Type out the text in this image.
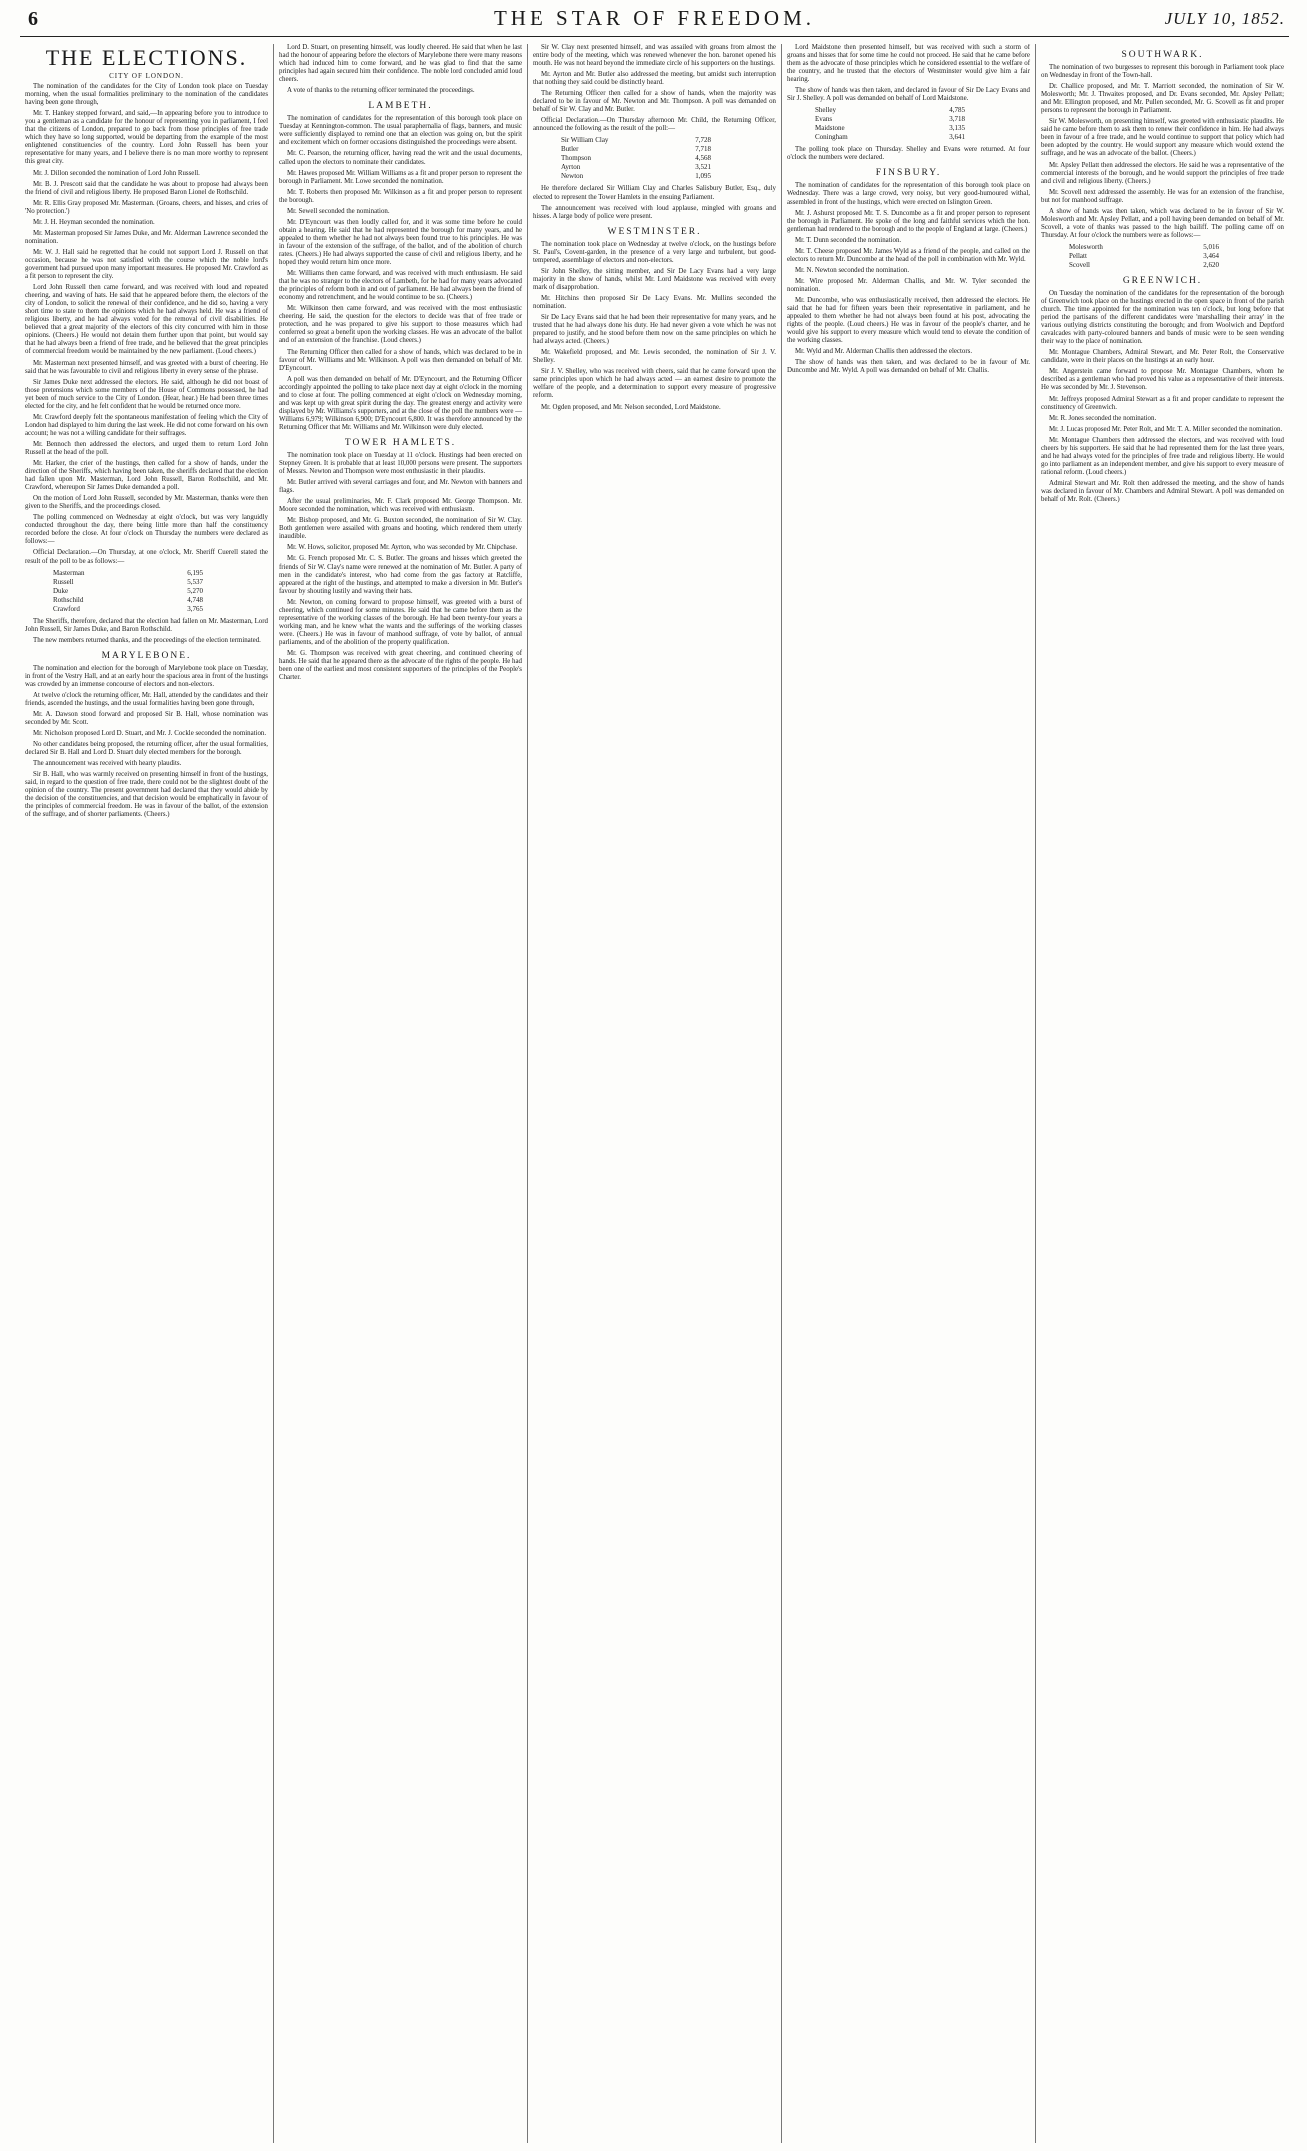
6	THE STAR OF FREEDOM.	JULY 10, 1852.
THE ELECTIONS.
CITY OF LONDON.

The nomination of the candidates for the City of London took place on Tuesday morning, when the usual formalities preliminary to the nomination of the candidates having been gone through,

Mr. T. Hankey stepped forward, and said,—In appearing before you to introduce to you a gentleman as a candidate for the honour of representing you in parliament, I feel that the citizens of London, prepared to go back from those principles of free trade which they have so long supported, would be departing from the example of the most enlightened constituencies of the country. Lord John Russell has been your representative for many years, and I believe there is no man more worthy to represent this great city.

Mr. J. Dillon seconded the nomination of Lord John Russell.

Mr. B. J. Prescott said that the candidate he was about to propose had always been the friend of civil and religious liberty. He proposed Baron Lionel de Rothschild.

Mr. R. Ellis Gray proposed Mr. Masterman. (Groans, cheers, and hisses, and cries of 'No protection.')

Mr. J. H. Heyman seconded the nomination.

Mr. Masterman proposed Sir James Duke, and Mr. Alderman Lawrence seconded the nomination.

Mr. W. J. Hall said he regretted that he could not support Lord J. Russell on that occasion, because he was not satisfied with the course which the noble lord's government had pursued upon many important measures. He proposed Mr. Crawford as a fit person to represent the city.

Lord John Russell then came forward, and was received with loud and repeated cheering, and waving of hats. He said that he appeared before them, the electors of the city of London, to solicit the renewal of their confidence, and he did so, having a very short time to state to them the opinions which he had always held. He was a friend of religious liberty, and he had always voted for the removal of civil disabilities. He believed that a great majority of the electors of this city concurred with him in those opinions. (Cheers.) He would not detain them further upon that point, but would say that he had always been a friend of free trade, and he believed that the great principles of commercial freedom would be maintained by the new parliament. (Loud cheers.)

Mr. Masterman next presented himself, and was greeted with a burst of cheering. He said that he was favourable to civil and religious liberty in every sense of the phrase.

Sir James Duke next addressed the electors. He said, although he did not boast of those pretensions which some members of the House of Commons possessed, he had yet been of much service to the City of London. (Hear, hear.) He had been three times elected for the city, and he felt confident that he would be returned once more.

Mr. Crawford deeply felt the spontaneous manifestation of feeling which the City of London had displayed to him during the last week. He did not come forward on his own account; he was not a willing candidate for their suffrages.

Mr. Bennoch then addressed the electors, and urged them to return Lord John Russell at the head of the poll.

Mr. Harker, the crier of the hustings, then called for a show of hands, under the direction of the Sheriffs, which having been taken, the sheriffs declared that the election had fallen upon Mr. Masterman, Lord John Russell, Baron Rothschild, and Mr. Crawford, whereupon Sir James Duke demanded a poll.

On the motion of Lord John Russell, seconded by Mr. Masterman, thanks were then given to the Sheriffs, and the proceedings closed.

The polling commenced on Wednesday at eight o'clock, but was very languidly conducted throughout the day, there being little more than half the constituency recorded before the close. At four o'clock on Thursday the numbers were declared as follows:—

Official Declaration.—On Thursday, at one o'clock, Mr. Sheriff Cuerell stated the result of the poll to be as follows:—

Masterman	6,195
Russell	5,537
Duke	5,270
Rothschild	4,748
Crawford	3,765

The Sheriffs, therefore, declared that the election had fallen on Mr. Masterman, Lord John Russell, Sir James Duke, and Baron Rothschild.

The new members returned thanks, and the proceedings of the election terminated.

MARYLEBONE.

The nomination and election for the borough of Marylebone took place on Tuesday, in front of the Vestry Hall, and at an early hour the spacious area in front of the hustings was crowded by an immense concourse of electors and non-electors.

At twelve o'clock the returning officer, Mr. Hall, attended by the candidates and their friends, ascended the hustings, and the usual formalities having been gone through,

Mr. A. Dawson stood forward and proposed Sir B. Hall, whose nomination was seconded by Mr. Scott.

Mr. Nicholson proposed Lord D. Stuart, and Mr. J. Cockle seconded the nomination.

No other candidates being proposed, the returning officer, after the usual formalities, declared Sir B. Hall and Lord D. Stuart duly elected members for the borough.

The announcement was received with hearty plaudits.

Sir B. Hall, who was warmly received on presenting himself in front of the hustings, said, in regard to the question of free trade, there could not be the slightest doubt of the opinion of the country. The present government had declared that they would abide by the decision of the constituencies, and that decision would be emphatically in favour of the principles of commercial freedom. He was in favour of the ballot, of the extension of the suffrage, and of shorter parliaments. (Cheers.)

Lord D. Stuart, on presenting himself, was loudly cheered. He said that when he last had the honour of appearing before the electors of Marylebone there were many reasons which had induced him to come forward, and he was glad to find that the same principles had again secured him their confidence. The noble lord concluded amid loud cheers.

A vote of thanks to the returning officer terminated the proceedings.

LAMBETH.

The nomination of candidates for the representation of this borough took place on Tuesday at Kennington-common. The usual paraphernalia of flags, banners, and music were sufficiently displayed to remind one that an election was going on, but the spirit and excitement which on former occasions distinguished the proceedings were absent.

Mr. C. Pearson, the returning officer, having read the writ and the usual documents, called upon the electors to nominate their candidates.

Mr. Hawes proposed Mr. William Williams as a fit and proper person to represent the borough in Parliament. Mr. Lowe seconded the nomination.

Mr. T. Roberts then proposed Mr. Wilkinson as a fit and proper person to represent the borough.

Mr. Sewell seconded the nomination.

Mr. D'Eyncourt was then loudly called for, and it was some time before he could obtain a hearing. He said that he had represented the borough for many years, and he appealed to them whether he had not always been found true to his principles. He was in favour of the extension of the suffrage, of the ballot, and of the abolition of church rates. (Cheers.) He had always supported the cause of civil and religious liberty, and he hoped they would return him once more.

Mr. Williams then came forward, and was received with much enthusiasm. He said that he was no stranger to the electors of Lambeth, for he had for many years advocated the principles of reform both in and out of parliament. He had always been the friend of economy and retrenchment, and he would continue to be so. (Cheers.)

Mr. Wilkinson then came forward, and was received with the most enthusiastic cheering. He said, the question for the electors to decide was that of free trade or protection, and he was prepared to give his support to those measures which had conferred so great a benefit upon the working classes. He was an advocate of the ballot and of an extension of the franchise. (Loud cheers.)

The Returning Officer then called for a show of hands, which was declared to be in favour of Mr. Williams and Mr. Wilkinson. A poll was then demanded on behalf of Mr. D'Eyncourt.

A poll was then demanded on behalf of Mr. D'Eyncourt, and the Returning Officer accordingly appointed the polling to take place next day at eight o'clock in the morning and to close at four. The polling commenced at eight o'clock on Wednesday morning, and was kept up with great spirit during the day. The greatest energy and activity were displayed by Mr. Williams's supporters, and at the close of the poll the numbers were — Williams 6,979; Wilkinson 6,900; D'Eyncourt 6,800. It was therefore announced by the Returning Officer that Mr. Williams and Mr. Wilkinson were duly elected.

TOWER HAMLETS.

The nomination took place on Tuesday at 11 o'clock. Hustings had been erected on Stepney Green. It is probable that at least 10,000 persons were present. The supporters of Messrs. Newton and Thompson were most enthusiastic in their plaudits.

Mr. Butler arrived with several carriages and four, and Mr. Newton with banners and flags.

After the usual preliminaries, Mr. F. Clark proposed Mr. George Thompson. Mr. Moore seconded the nomination, which was received with enthusiasm.

Mr. Bishop proposed, and Mr. G. Buxton seconded, the nomination of Sir W. Clay. Both gentlemen were assailed with groans and hooting, which rendered them utterly inaudible.

Mr. W. Hows, solicitor, proposed Mr. Ayrton, who was seconded by Mr. Chipchase.

Mr. G. French proposed Mr. C. S. Butler. The groans and hisses which greeted the friends of Sir W. Clay's name were renewed at the nomination of Mr. Butler. A party of men in the candidate's interest, who had come from the gas factory at Ratcliffe, appeared at the right of the hustings, and attempted to make a diversion in Mr. Butler's favour by shouting lustily and waving their hats.

Mr. Newton, on coming forward to propose himself, was greeted with a burst of cheering, which continued for some minutes. He said that he came before them as the representative of the working classes of the borough. He had been twenty-four years a working man, and he knew what the wants and the sufferings of the working classes were. (Cheers.) He was in favour of manhood suffrage, of vote by ballot, of annual parliaments, and of the abolition of the property qualification.

Mr. G. Thompson was received with great cheering, and continued cheering of hands. He said that he appeared there as the advocate of the rights of the people. He had been one of the earliest and most consistent supporters of the principles of the People's Charter.

Sir W. Clay next presented himself, and was assailed with groans from almost the entire body of the meeting, which was renewed whenever the hon. baronet opened his mouth. He was not heard beyond the immediate circle of his supporters on the hustings.

Mr. Ayrton and Mr. Butler also addressed the meeting, but amidst such interruption that nothing they said could be distinctly heard.

The Returning Officer then called for a show of hands, when the majority was declared to be in favour of Mr. Newton and Mr. Thompson. A poll was demanded on behalf of Sir W. Clay and Mr. Butler.

Official Declaration.—On Thursday afternoon Mr. Child, the Returning Officer, announced the following as the result of the poll:—

Sir William Clay	7,728
Butler	7,718
Thompson	4,568
Ayrton	3,521
Newton	1,095

He therefore declared Sir William Clay and Charles Salisbury Butler, Esq., duly elected to represent the Tower Hamlets in the ensuing Parliament.

The announcement was received with loud applause, mingled with groans and hisses. A large body of police were present.

WESTMINSTER.

The nomination took place on Wednesday at twelve o'clock, on the hustings before St. Paul's, Covent-garden, in the presence of a very large and turbulent, but good-tempered, assemblage of electors and non-electors.

Sir John Shelley, the sitting member, and Sir De Lacy Evans had a very large majority in the show of hands, whilst Mr. Lord Maidstone was received with every mark of disapprobation.

Mr. Hitchins then proposed Sir De Lacy Evans. Mr. Mullins seconded the nomination.

Sir De Lacy Evans said that he had been their representative for many years, and he trusted that he had always done his duty. He had never given a vote which he was not prepared to justify, and he stood before them now on the same principles on which he had always acted. (Cheers.)

Mr. Wakefield proposed, and Mr. Lewis seconded, the nomination of Sir J. V. Shelley.

Sir J. V. Shelley, who was received with cheers, said that he came forward upon the same principles upon which he had always acted — an earnest desire to promote the welfare of the people, and a determination to support every measure of progressive reform.

Mr. Ogden proposed, and Mr. Nelson seconded, Lord Maidstone.

Lord Maidstone then presented himself, but was received with such a storm of groans and hisses that for some time he could not proceed. He said that he came before them as the advocate of those principles which he considered essential to the welfare of the country, and he trusted that the electors of Westminster would give him a fair hearing.

The show of hands was then taken, and declared in favour of Sir De Lacy Evans and Sir J. Shelley. A poll was demanded on behalf of Lord Maidstone.

Shelley	4,785
Evans	3,718
Maidstone	3,135
Coningham	3,641

The polling took place on Thursday. Shelley and Evans were returned. At four o'clock the numbers were declared.

FINSBURY.

The nomination of candidates for the representation of this borough took place on Wednesday. There was a large crowd, very noisy, but very good-humoured withal, assembled in front of the hustings, which were erected on Islington Green.

Mr. J. Ashurst proposed Mr. T. S. Duncombe as a fit and proper person to represent the borough in Parliament. He spoke of the long and faithful services which the hon. gentleman had rendered to the borough and to the people of England at large. (Cheers.)

Mr. T. Dunn seconded the nomination.

Mr. T. Cheese proposed Mr. James Wyld as a friend of the people, and called on the electors to return Mr. Duncombe at the head of the poll in combination with Mr. Wyld.

Mr. N. Newton seconded the nomination.

Mr. Wire proposed Mr. Alderman Challis, and Mr. W. Tyler seconded the nomination.

Mr. Duncombe, who was enthusiastically received, then addressed the electors. He said that he had for fifteen years been their representative in parliament, and he appealed to them whether he had not always been found at his post, advocating the rights of the people. (Loud cheers.) He was in favour of the people's charter, and he would give his support to every measure which would tend to elevate the condition of the working classes.

Mr. Wyld and Mr. Alderman Challis then addressed the electors.

The show of hands was then taken, and was declared to be in favour of Mr. Duncombe and Mr. Wyld. A poll was demanded on behalf of Mr. Challis.

SOUTHWARK.

The nomination of two burgesses to represent this borough in Parliament took place on Wednesday in front of the Town-hall.

Dr. Challice proposed, and Mr. T. Marriott seconded, the nomination of Sir W. Molesworth; Mr. J. Thwaites proposed, and Dr. Evans seconded, Mr. Apsley Pellatt; and Mr. Ellington proposed, and Mr. Pullen seconded, Mr. G. Scovell as fit and proper persons to represent the borough in Parliament.

Sir W. Molesworth, on presenting himself, was greeted with enthusiastic plaudits. He said he came before them to ask them to renew their confidence in him. He had always been in favour of a free trade, and he would continue to support that policy which had been adopted by the country. He would support any measure which would extend the suffrage, and he was an advocate of the ballot. (Cheers.)

Mr. Apsley Pellatt then addressed the electors. He said he was a representative of the commercial interests of the borough, and he would support the principles of free trade and civil and religious liberty. (Cheers.)

Mr. Scovell next addressed the assembly. He was for an extension of the franchise, but not for manhood suffrage.

A show of hands was then taken, which was declared to be in favour of Sir W. Molesworth and Mr. Apsley Pellatt, and a poll having been demanded on behalf of Mr. Scovell, a vote of thanks was passed to the high bailiff. The polling came off on Thursday. At four o'clock the numbers were as follows:—

Molesworth	5,016
Pellatt	3,464
Scovell	2,620
GREENWICH.

On Tuesday the nomination of the candidates for the representation of the borough of Greenwich took place on the hustings erected in the open space in front of the parish church. The time appointed for the nomination was ten o'clock, but long before that period the partisans of the different candidates were 'marshalling their array' in the various outlying districts constituting the borough; and from Woolwich and Deptford cavalcades with party-coloured banners and bands of music were to be seen wending their way to the place of nomination.

Mr. Montague Chambers, Admiral Stewart, and Mr. Peter Rolt, the Conservative candidate, were in their places on the hustings at an early hour.

Mr. Angerstein came forward to propose Mr. Montague Chambers, whom he described as a gentleman who had proved his value as a representative of their interests. He was seconded by Mr. J. Stevenson.

Mr. Jeffreys proposed Admiral Stewart as a fit and proper candidate to represent the constituency of Greenwich.

Mr. R. Jones seconded the nomination.

Mr. J. Lucas proposed Mr. Peter Rolt, and Mr. T. A. Miller seconded the nomination.

Mr. Montague Chambers then addressed the electors, and was received with loud cheers by his supporters. He said that he had represented them for the last three years, and he had always voted for the principles of free trade and religious liberty. He would go into parliament as an independent member, and give his support to every measure of rational reform. (Loud cheers.)

Admiral Stewart and Mr. Rolt then addressed the meeting, and the show of hands was declared in favour of Mr. Chambers and Admiral Stewart. A poll was demanded on behalf of Mr. Rolt. (Cheers.)
